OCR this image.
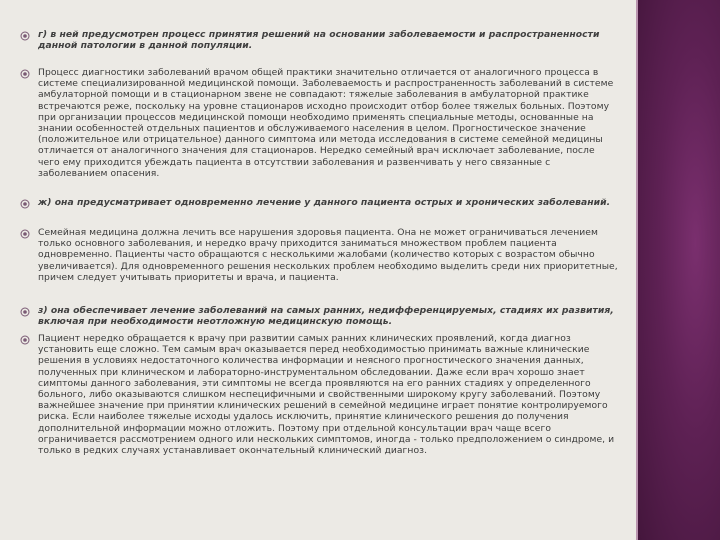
г) в ней предусмотрен процесс принятия решений на основании заболеваемости и распространенности данной патологии в данной популяции.

Процесс диагностики заболеваний врачом общей практики значительно отличается от аналогичного процесса в системе специализированной медицинской помощи. Заболеваемость и распространенность заболеваний в системе амбулаторной помощи и в стационарном звене не совпадают: тяжелые заболевания в амбулаторной практике встречаются реже, поскольку на уровне стационаров исходно происходит отбор более тяжелых больных. Поэтому при организации процессов медицинской помощи необходимо применять специальные методы, основанные на знании особенностей отдельных пациентов и обслуживаемого населения в целом. Прогностическое значение (положительное или отрицательное) данного симптома или метода исследования в системе семейной медицины отличается от аналогичного значения для стационаров. Нередко семейный врач исключает заболевание, после чего ему приходится убеждать пациента в отсутствии заболевания и развенчивать у него связанные с заболеванием опасения.

ж) она предусматривает одновременно лечение у данного пациента острых и хронических заболеваний.

Семейная медицина должна лечить все нарушения здоровья пациента. Она не может ограничиваться лечением только основного заболевания, и нередко врачу приходится заниматься множеством проблем пациента одновременно. Пациенты часто обращаются с несколькими жалобами (количество которых с возрастом обычно увеличивается). Для одновременного решения нескольких проблем необходимо выделить среди них приоритетные, причем следует учитывать приоритеты и врача, и пациента.

з) она обеспечивает лечение заболеваний на самых ранних, недифференцируемых, стадиях их развития, включая при необходимости неотложную медицинскую помощь.

Пациент нередко обращается к врачу при развитии самых ранних клинических проявлений, когда диагноз установить еще сложно. Тем самым врач оказывается перед необходимостью принимать важные клинические решения в условиях недостаточного количества информации и неясного прогностического значения данных, полученных при клиническом и лабораторно-инструментальном обследовании. Даже если врач хорошо знает симптомы данного заболевания, эти симптомы не всегда проявляются на его ранних стадиях у определенного больного, либо оказываются слишком неспецифичными и свойственными широкому кругу заболеваний. Поэтому важнейшее значение при принятии клинических решений в семейной медицине играет понятие контролируемого риска. Если наиболее тяжелые исходы удалось исключить, принятие клинического решения до получения дополнительной информации можно отложить. Поэтому при отдельной консультации врач чаще всего ограничивается рассмотрением одного или нескольких симптомов, иногда - только предположением о синдроме, и только в редких случаях устанавливает окончательный клинический диагноз.
